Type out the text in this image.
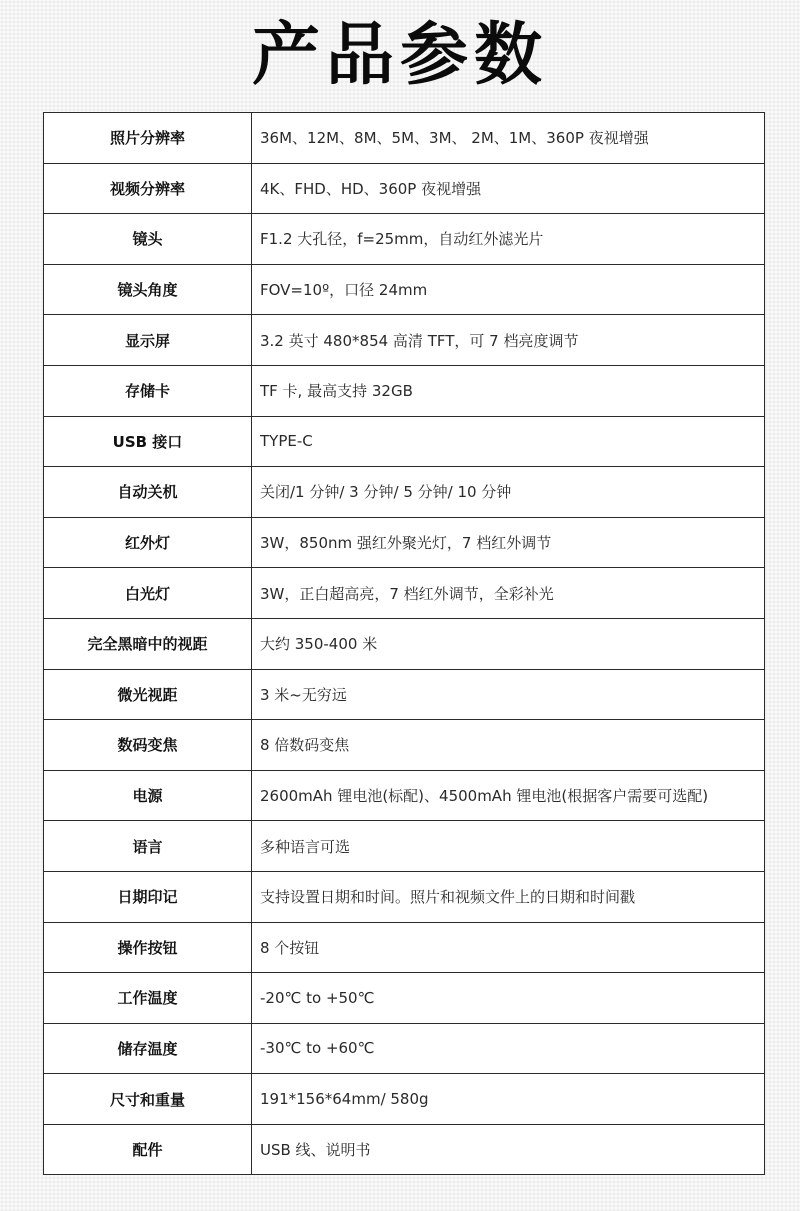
产品参数
照片分辨率	36M、12M、8M、5M、3M、 2M、1M、360P 夜视增强
视频分辨率	4K、FHD、HD、360P 夜视增强
镜头	F1.2 大孔径，f=25mm，自动红外滤光片
镜头角度	FOV=10º，口径 24mm
显示屏	3.2 英寸 480*854 高清 TFT，可 7 档亮度调节
存储卡	TF 卡, 最高支持 32GB
USB 接口	TYPE-C
自动关机	关闭/1 分钟/ 3 分钟/ 5 分钟/ 10 分钟
红外灯	3W，850nm 强红外聚光灯，7 档红外调节
白光灯	3W，正白超高亮，7 档红外调节，全彩补光
完全黑暗中的视距	大约 350-400 米
微光视距	3 米~无穷远
数码变焦	8 倍数码变焦
电源	2600mAh 锂电池(标配)、4500mAh 锂电池(根据客户需要可选配)
语言	多种语言可选
日期印记	支持设置日期和时间。照片和视频文件上的日期和时间戳
操作按钮	8 个按钮
工作温度	-20℃ to +50℃
储存温度	-30℃ to +60℃
尺寸和重量	191*156*64mm/ 580g
配件	USB 线、说明书
